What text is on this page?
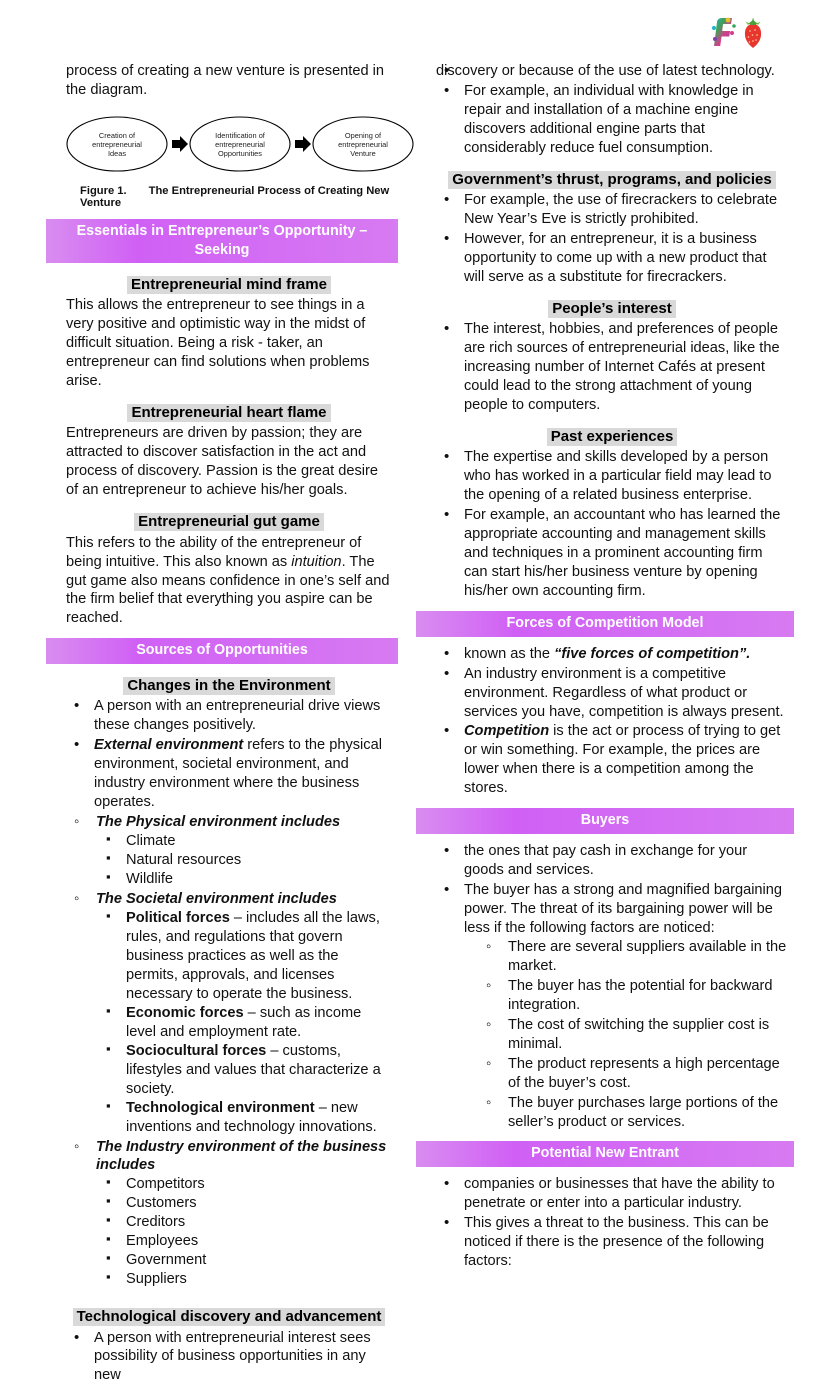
process of creating a new venture is presented in the diagram.

Creation of
entrepreneurial
Ideas
Identification of
entrepreneurial
Opportunities
Opening of
entrepreneurial
Venture
Figure 1. The Entrepreneurial Process of Creating New Venture
Essentials in Entrepreneur’s Opportunity – Seeking
Entrepreneurial mind frame

This allows the entrepreneur to see things in a very positive and optimistic way in the midst of difficult situation. Being a risk - taker, an entrepreneur can find solutions when problems arise.

Entrepreneurial heart flame

Entrepreneurs are driven by passion; they are attracted to discover satisfaction in the act and process of discovery. Passion is the great desire of an entrepreneur to achieve his/her goals.

Entrepreneurial gut game

This refers to the ability of the entrepreneur of being intuitive. This also known as intuition. The gut game also means confidence in one’s self and the firm belief that everything you aspire can be reached.

Sources of Opportunities
Changes in the Environment
• A person with an entrepreneurial drive views these changes positively.
• External environment refers to the physical environment, societal environment, and industry environment where the business operates.
◦ The Physical environment includes
▪ Climate
▪ Natural resources
▪ Wildlife
◦ The Societal environment includes
▪ Political forces – includes all the laws, rules, and regulations that govern business practices as well as the permits, approvals, and licenses necessary to operate the business.
▪ Economic forces – such as income level and employment rate.
▪ Sociocultural forces – customs, lifestyles and values that characterize a society.
▪ Technological environment – new inventions and technology innovations.
◦ The Industry environment of the business includes
▪ Competitors
▪ Customers
▪ Creditors
▪ Employees
▪ Government
▪ Suppliers
Technological discovery and advancement
• A person with entrepreneurial interest sees possibility of business opportunities in any new
• discovery or because of the use of latest technology.
• For example, an individual with knowledge in repair and installation of a machine engine discovers additional engine parts that considerably reduce fuel consumption.
Government’s thrust, programs, and policies
• For example, the use of firecrackers to celebrate New Year’s Eve is strictly prohibited.
• However, for an entrepreneur, it is a business opportunity to come up with a new product that will serve as a substitute for firecrackers.
People’s interest
• The interest, hobbies, and preferences of people are rich sources of entrepreneurial ideas, like the increasing number of Internet Cafés at present could lead to the strong attachment of young people to computers.
Past experiences
• The expertise and skills developed by a person who has worked in a particular field may lead to the opening of a related business enterprise.
• For example, an accountant who has learned the appropriate accounting and management skills and techniques in a prominent accounting firm can start his/her business venture by opening his/her own accounting firm.
Forces of Competition Model
• known as the “five forces of competition”.
• An industry environment is a competitive environment. Regardless of what product or services you have, competition is always present.
• Competition is the act or process of trying to get or win something. For example, the prices are lower when there is a competition among the stores.
Buyers
• the ones that pay cash in exchange for your goods and services.
• The buyer has a strong and magnified bargaining power. The threat of its bargaining power will be less if the following factors are noticed:
◦ There are several suppliers available in the market.
◦ The buyer has the potential for backward integration.
◦ The cost of switching the supplier cost is minimal.
◦ The product represents a high percentage of the buyer’s cost.
◦ The buyer purchases large portions of the seller’s product or services.
Potential New Entrant
• companies or businesses that have the ability to penetrate or enter into a particular industry.
• This gives a threat to the business. This can be noticed if there is the presence of the following factors:
